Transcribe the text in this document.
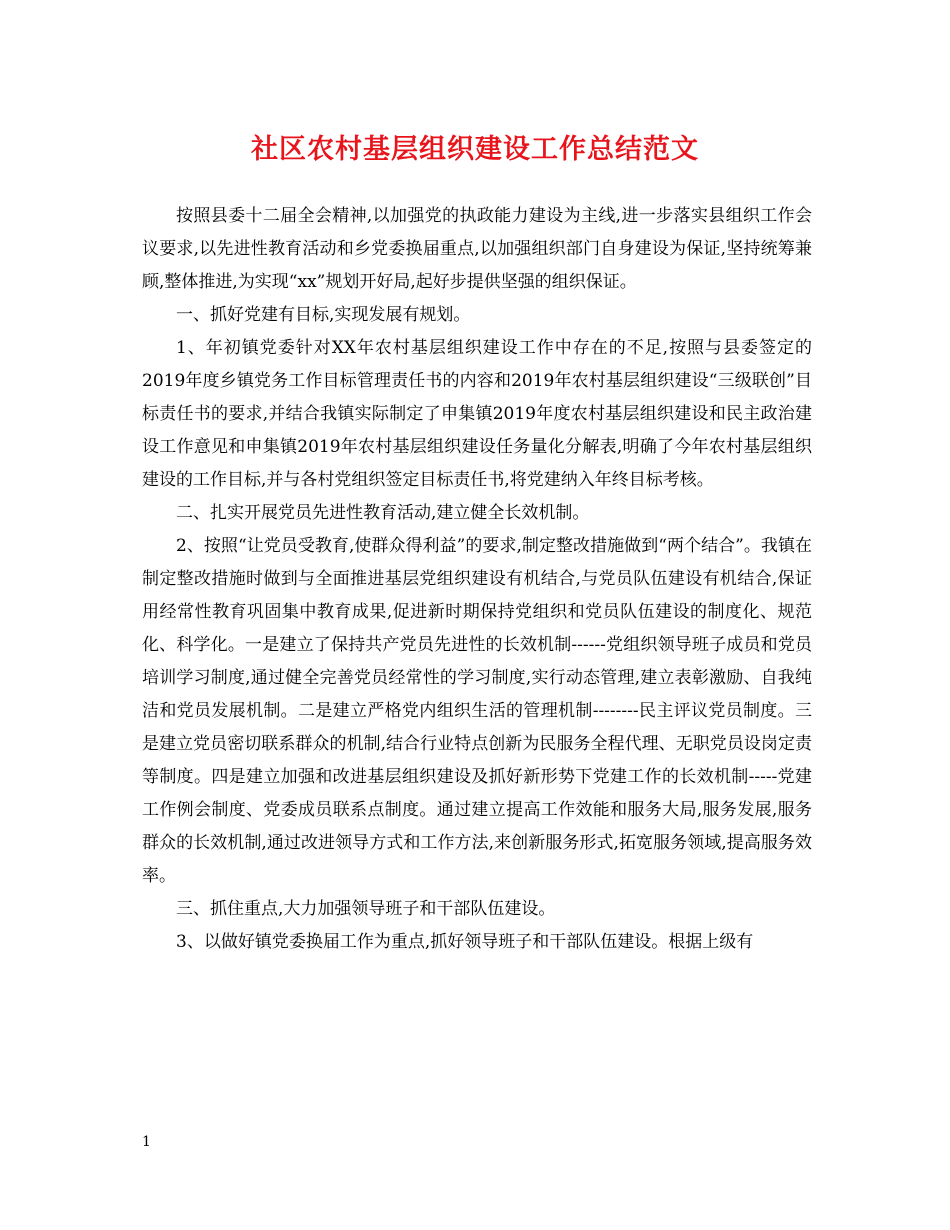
社区农村基层组织建设工作总结范文

按照县委十二届全会精神,以加强党的执政能力建设为主线,进一步落实县组织工作会议要求,以先进性教育活动和乡党委换届重点,以加强组织部门自身建设为保证,坚持统筹兼顾,整体推进,为实现“xx”规划开好局,起好步提供坚强的组织保证。

一、抓好党建有目标,实现发展有规划。

1、年初镇党委针对XX年农村基层组织建设工作中存在的不足,按照与县委签定的2019年度乡镇党务工作目标管理责任书的内容和2019年农村基层组织建设“三级联创”目标责任书的要求,并结合我镇实际制定了申集镇2019年度农村基层组织建设和民主政治建设工作意见和申集镇2019年农村基层组织建设任务量化分解表,明确了今年农村基层组织建设的工作目标,并与各村党组织签定目标责任书,将党建纳入年终目标考核。

二、扎实开展党员先进性教育活动,建立健全长效机制。

2、按照“让党员受教育,使群众得利益”的要求,制定整改措施做到“两个结合”。我镇在制定整改措施时做到与全面推进基层党组织建设有机结合,与党员队伍建设有机结合,保证用经常性教育巩固集中教育成果,促进新时期保持党组织和党员队伍建设的制度化、规范化、科学化。一是建立了保持共产党员先进性的长效机制------党组织领导班子成员和党员培训学习制度,通过健全完善党员经常性的学习制度,实行动态管理,建立表彰激励、自我纯洁和党员发展机制。二是建立严格党内组织生活的管理机制--------民主评议党员制度。三是建立党员密切联系群众的机制,结合行业特点创新为民服务全程代理、无职党员设岗定责等制度。四是建立加强和改进基层组织建设及抓好新形势下党建工作的长效机制-----党建工作例会制度、党委成员联系点制度。通过建立提高工作效能和服务大局,服务发展,服务群众的长效机制,通过改进领导方式和工作方法,来创新服务形式,拓宽服务领域,提高服务效率。

三、抓住重点,大力加强领导班子和干部队伍建设。

3、以做好镇党委换届工作为重点,抓好领导班子和干部队伍建设。根据上级有

1
